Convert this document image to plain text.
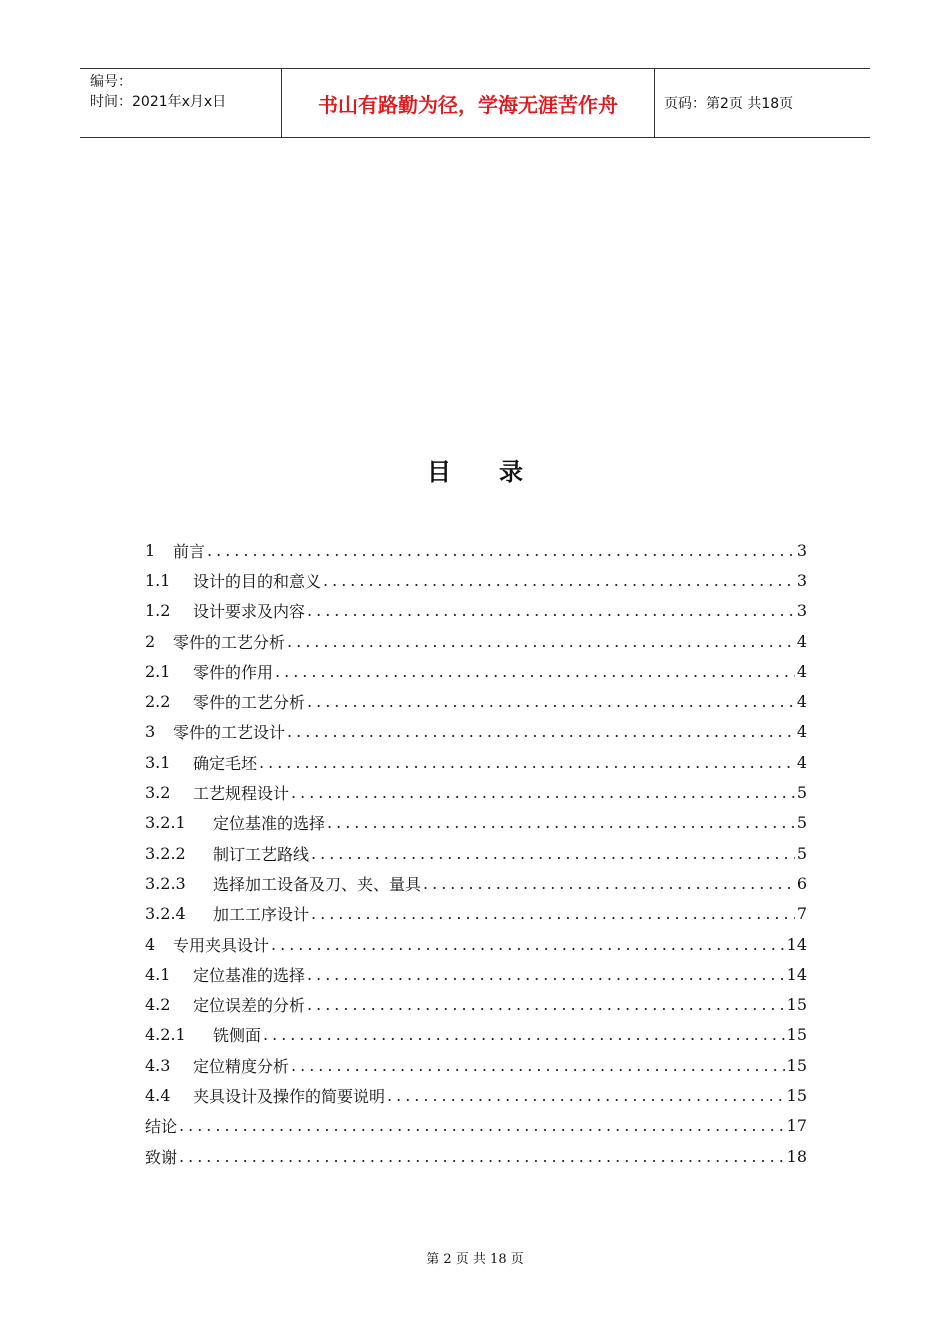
编号：
时间：2021年x月x日	书山有路勤为径，学海无涯苦作舟	页码：第2页 共18页
目录
1	前言 .....	3
1.1	设计的目的和意义 .....	3
1.2	设计要求及内容 .....	3
2	零件的工艺分析 .....	4
2.1	零件的作用 .....	4
2.2	零件的工艺分析 .....	4
3	零件的工艺设计 .....	4
3.1	确定毛坯 .....	4
3.2	工艺规程设计 .....	5
3.2.1	定位基准的选择 .....	5
3.2.2	制订工艺路线 .....	5
3.2.3	选择加工设备及刀、夹、量具 .....	6
3.2.4	加工工序设计 .....	7
4	专用夹具设计 .....	14
4.1	定位基准的选择 .....	14
4.2	定位误差的分析 .....	15
4.2.1	铣侧面 .....	15
4.3	定位精度分析 .....	15
4.4	夹具设计及操作的简要说明 .....	15
结论 .....	17
致谢 .....	18
第 2 页 共 18 页
